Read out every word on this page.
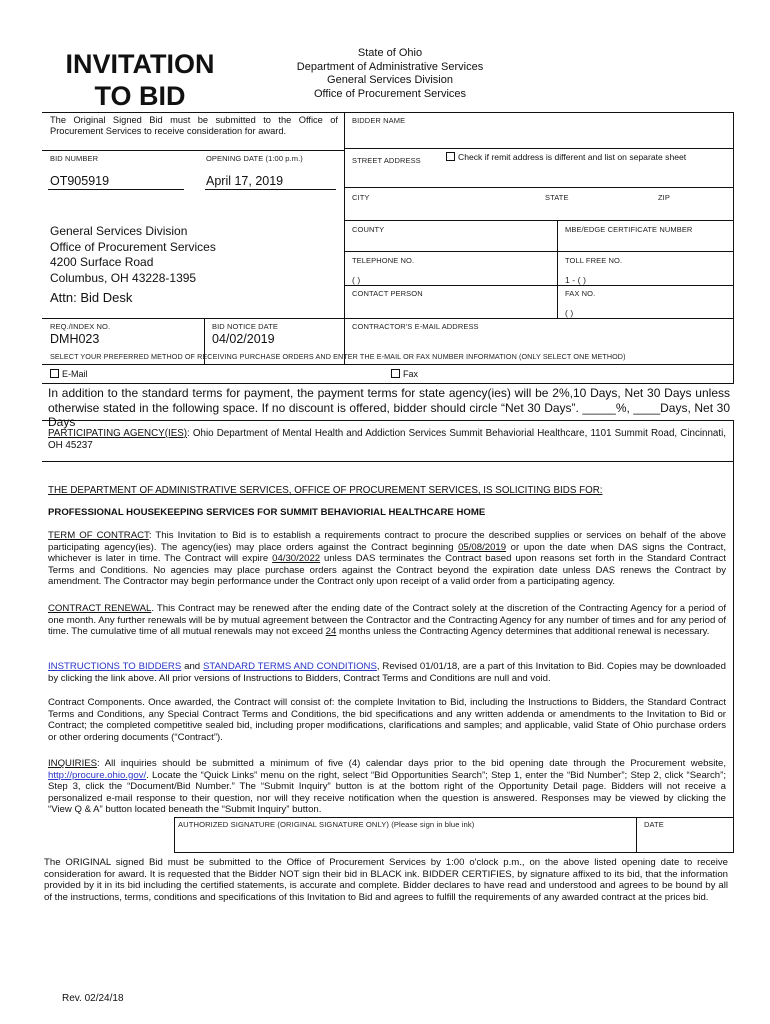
INVITATION
TO BID
State of Ohio
Department of Administrative Services
General Services Division
Office of Procurement Services
The Original Signed Bid must be submitted to the Office of Procurement Services to receive consideration for award.
BID NUMBER	OPENING DATE (1:00 p.m.)
OT905919	April 17, 2019
General Services Division
Office of Procurement Services
4200 Surface Road
Columbus, OH 43228-1395
Attn: Bid Desk
REQ./INDEX NO.
DMH023
BID NOTICE DATE
04/02/2019
BIDDER NAME
STREET ADDRESS	Check if remit address is different and list on separate sheet
CITY	STATE	ZIP
COUNTY	MBE/EDGE CERTIFICATE NUMBER
TELEPHONE NO.
( )
TOLL FREE NO.
1 - ( )
CONTACT PERSON	FAX NO.
( )
CONTRACTOR'S E-MAIL ADDRESS
SELECT YOUR PREFERRED METHOD OF RECEIVING PURCHASE ORDERS AND ENTER THE E-MAIL OR FAX NUMBER INFORMATION (ONLY SELECT ONE METHOD)
E-Mail	Fax
In addition to the standard terms for payment, the payment terms for state agency(ies) will be 2%,10 Days, Net 30 Days unless otherwise stated in the following space. If no discount is offered, bidder should circle “Net 30 Days”. _____%, ____Days, Net 30 Days
PARTICIPATING AGENCY(IES): Ohio Department of Mental Health and Addiction Services Summit Behaviorial Healthcare, 1101 Summit Road, Cincinnati, OH 45237
THE DEPARTMENT OF ADMINISTRATIVE SERVICES, OFFICE OF PROCUREMENT SERVICES, IS SOLICITING BIDS FOR:
PROFESSIONAL HOUSEKEEPING SERVICES FOR SUMMIT BEHAVIORIAL HEALTHCARE HOME
TERM OF CONTRACT: This Invitation to Bid is to establish a requirements contract to procure the described supplies or services on behalf of the above participating agency(ies). The agency(ies) may place orders against the Contract beginning 05/08/2019 or upon the date when DAS signs the Contract, whichever is later in time. The Contract will expire 04/30/2022 unless DAS terminates the Contract based upon reasons set forth in the Standard Contract Terms and Conditions. No agencies may place purchase orders against the Contract beyond the expiration date unless DAS renews the Contract by amendment. The Contractor may begin performance under the Contract only upon receipt of a valid order from a participating agency.
CONTRACT RENEWAL. This Contract may be renewed after the ending date of the Contract solely at the discretion of the Contracting Agency for a period of one month. Any further renewals will be by mutual agreement between the Contractor and the Contracting Agency for any number of times and for any period of time. The cumulative time of all mutual renewals may not exceed 24 months unless the Contracting Agency determines that additional renewal is necessary.
INSTRUCTIONS TO BIDDERS and STANDARD TERMS AND CONDITIONS, Revised 01/01/18, are a part of this Invitation to Bid. Copies may be downloaded by clicking the link above. All prior versions of Instructions to Bidders, Contract Terms and Conditions are null and void.
Contract Components. Once awarded, the Contract will consist of: the complete Invitation to Bid, including the Instructions to Bidders, the Standard Contract Terms and Conditions, any Special Contract Terms and Conditions, the bid specifications and any written addenda or amendments to the Invitation to Bid or Contract; the completed competitive sealed bid, including proper modifications, clarifications and samples; and applicable, valid State of Ohio purchase orders or other ordering documents (“Contract”).
INQUIRIES: All inquiries should be submitted a minimum of five (4) calendar days prior to the bid opening date through the Procurement website, http://procure.ohio.gov/. Locate the “Quick Links” menu on the right, select “Bid Opportunities Search”; Step 1, enter the “Bid Number”; Step 2, click “Search”; Step 3, click the “Document/Bid Number.” The “Submit Inquiry” button is at the bottom right of the Opportunity Detail page. Bidders will not receive a personalized e-mail response to their question, nor will they receive notification when the question is answered. Responses may be viewed by clicking the “View Q & A” button located beneath the “Submit Inquiry” button.
AUTHORIZED SIGNATURE (ORIGINAL SIGNATURE ONLY) (Please sign in blue ink)	DATE
The ORIGINAL signed Bid must be submitted to the Office of Procurement Services by 1:00 o'clock p.m., on the above listed opening date to receive consideration for award. It is requested that the Bidder NOT sign their bid in BLACK ink. BIDDER CERTIFIES, by signature affixed to its bid, that the information provided by it in its bid including the certified statements, is accurate and complete. Bidder declares to have read and understood and agrees to be bound by all of the instructions, terms, conditions and specifications of this Invitation to Bid and agrees to fulfill the requirements of any awarded contract at the prices bid.
Rev. 02/24/18
